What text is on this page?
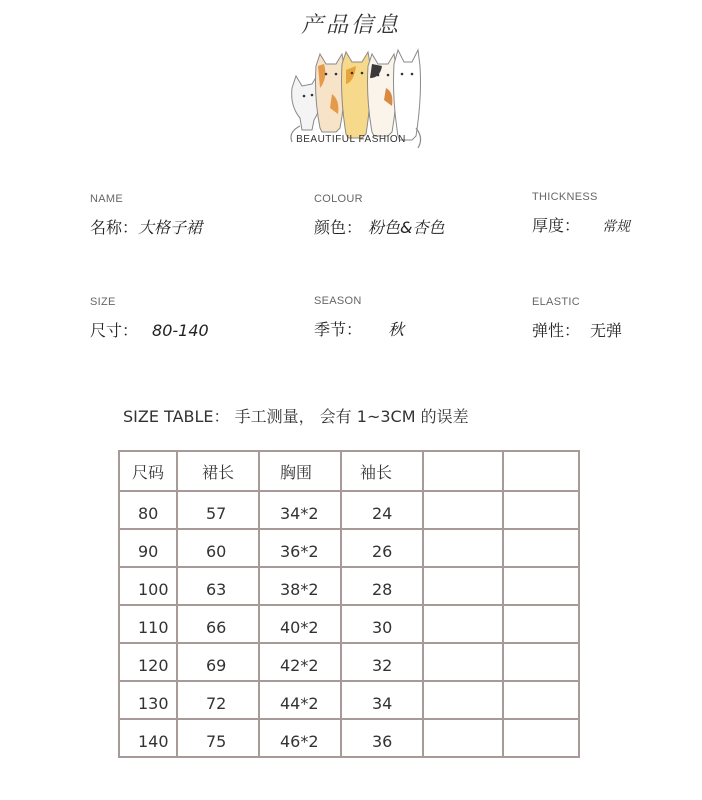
产品信息
BEAUTIFUL FASHION
NAME
名称：大格子裙
COLOUR
颜色： 粉色&杏色
THICKNESS
厚度： 常规
SIZE
尺寸： 80-140
SEASON
季节： 秋
ELASTIC
弹性： 无弹
SIZE TABLE： 手工测量， 会有 1~3CM 的误差
尺码	裙长	胸围	袖长		
80	57	34*2	24		
90	60	36*2	26		
100	63	38*2	28		
110	66	40*2	30		
120	69	42*2	32		
130	72	44*2	34		
140	75	46*2	36		
